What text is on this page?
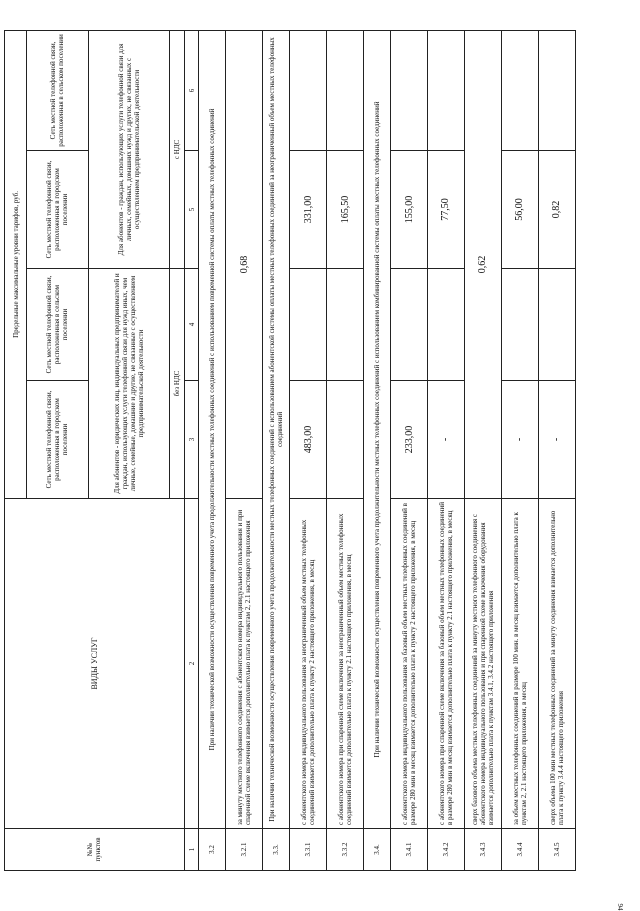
94
№№ пунктов	ВИДЫ УСЛУГ	Предельные максимальные уровни тарифов, руб.			
		Сеть местной телефонной связи, расположенная в городском поселении	Сеть местной телефонной связи, расположенная в сельском поселении	Сеть местной телефонной связи, расположенная в городском поселении	Сеть местной телефонной связи, расположенная в сельском поселении
		Для абонентов - юридических лиц, индивидуальных предпринимателей и граждан, использующих услуги телефонной связи для нужд иных, чем личные, семейные, домашние и другие, не связанные с осуществлением предпринимательской деятельности		Для абонентов - граждан, использующих услуги телефонной связи для личных, семейных, домашних нужд и других, не связанных с осуществлением предпринимательской деятельности	
		без НДС		с НДС	
1	2	3	4	5	6
3.2	При наличии технической возможности осуществления повременного учета продолжительности местных телефонных соединений с использованием повременной системы оплаты местных телефонных соединений				
3.2.1	за минуту местного телефонного соединения с абонентского номера индивидуального пользования и при спаренной схеме включения взимается дополнительно плата к пунктам 2, 2.1 настоящего приложения	0,68			
3.3.	При наличии технической возможности осуществления повременного учета продолжительности местных телефонных соединений с использованием абонентской системы оплаты местных телефонных соединений за неограниченный объем местных телефонных соединений				
3.3.1	с абонентского номера индивидуального пользования за неограниченный объем местных телефонных соединений взимается дополнительно плата к пункту 2 настоящего приложения, в месяц	483,00		331,00	
3.3.2	с абонентского номера при спаренной схеме включения за неограниченный объем местных телефонных соединений взимается дополнительно плата к пункту 2.1 настоящего приложения, в месяц			165,50	
3.4.	При наличии технической возможности осуществления повременного учета продолжительности местных телефонных соединений с использованием комбинированной системы оплаты местных телефонных соединений				
3.4.1	с абонентского номера индивидуального пользования за базовый объем местных телефонных соединений в размере 280 мин в месяц взимается дополнительно плата к пункту 2 настоящего приложения, в месяц	233,00		155,00	
3.4.2	с абонентского номера при спаренной схеме включения за базовый объем местных телефонных соединений в размере 280 мин в месяц взимается дополнительно плата к пункту 2.1 настоящего приложения, в месяц	-		77,50	
3.4.3	сверх базового объема местных телефонных соединений за минуту местного телефонного соединения с абонентского номера индивидуального пользования и при спаренной схеме включения оборудования взимается дополнительно плата к пунктам 3.4.1, 3.4.2 настоящего приложения	0,62			
3.4.4	за объем местных телефонных соединений в размере 100 мин. в месяц взимается дополнительно плата к пунктам 2, 2.1 настоящего приложения, в месяц	-		56,00	
3.4.5	сверх объема 100 мин местных телефонных соединений за минуту соединения взимается дополнительно плата к пункту 3.4.4 настоящего приложения	-		0,82	
